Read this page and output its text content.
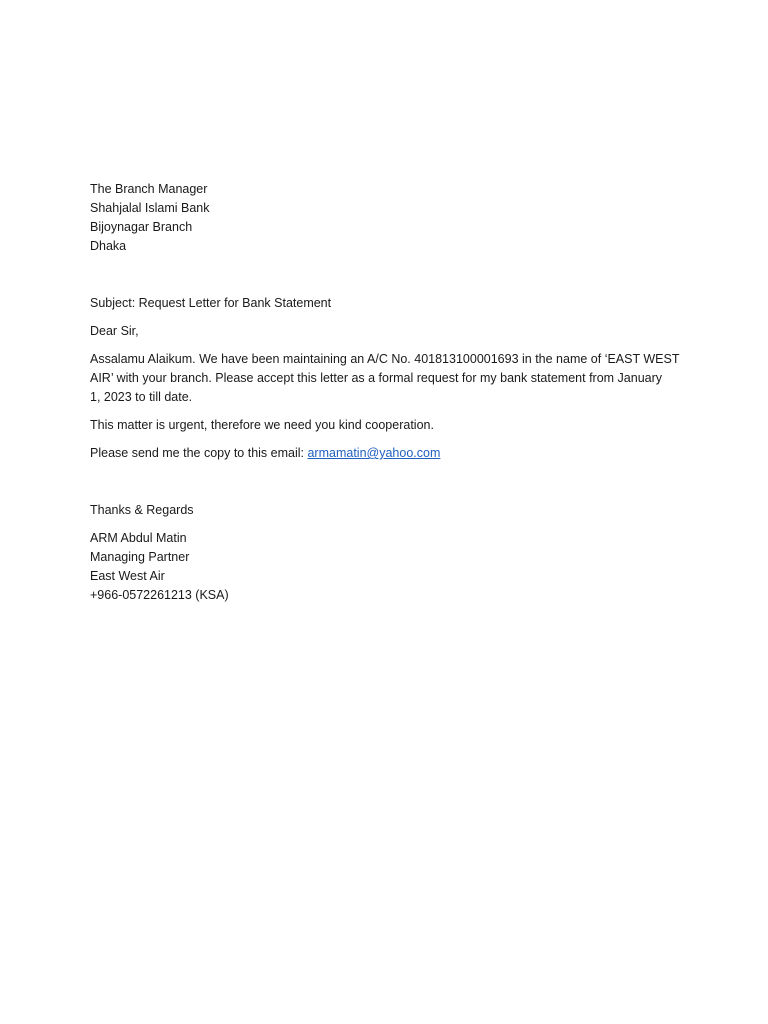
The Branch Manager
Shahjalal Islami Bank
Bijoynagar Branch
Dhaka
Subject: Request Letter for Bank Statement
Dear Sir,
Assalamu Alaikum. We have been maintaining an A/C No. 401813100001693 in the name of ‘EAST WEST
AIR’ with your branch. Please accept this letter as a formal request for my bank statement from January
1, 2023 to till date.
This matter is urgent, therefore we need you kind cooperation.
Please send me the copy to this email: armamatin@yahoo.com
Thanks & Regards
ARM Abdul Matin
Managing Partner
East West Air
+966-0572261213 (KSA)
